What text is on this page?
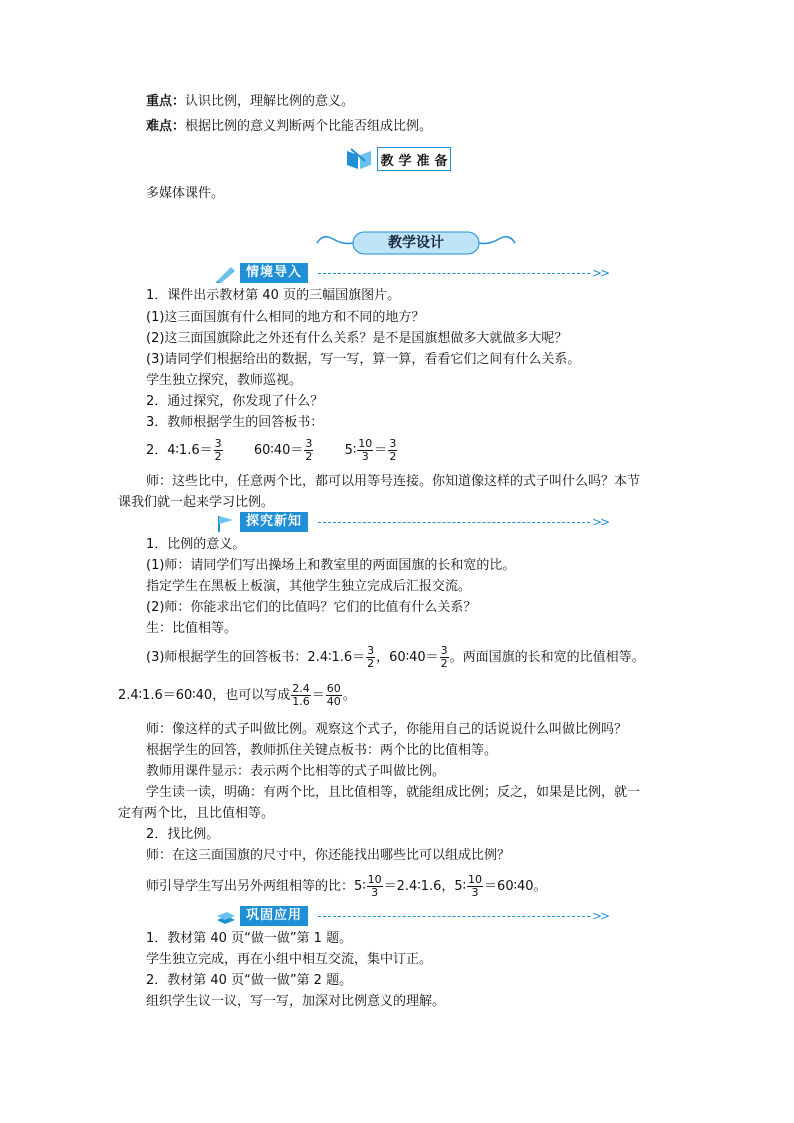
重点：认识比例，理解比例的意义。
难点：根据比例的意义判断两个比能否组成比例。
教 学 准 备
多媒体课件。
教学设计
情境导入	>>
1．课件出示教材第 40 页的三幅国旗图片。
(1)这三面国旗有什么相同的地方和不同的地方？
(2)这三面国旗除此之外还有什么关系？是不是国旗想做多大就做多大呢？
(3)请同学们根据给出的数据，写一写，算一算，看看它们之间有什么关系。
学生独立探究，教师巡视。
2．通过探究，你发现了什么？
3．教师根据学生的回答板书：
2．4∶1.6＝ $\frac{3}{2}$ 60∶40＝ $\frac{3}{2}$ 5∶ $\frac{10}{3} = \frac{3}{2}$
师：这些比中，任意两个比，都可以用等号连接。你知道像这样的式子叫什么吗？本节
课我们就一起来学习比例。
探究新知	>>
1．比例的意义。
(1)师：请同学们写出操场上和教室里的两面国旗的长和宽的比。
指定学生在黑板上板演，其他学生独立完成后汇报交流。
(2)师：你能求出它们的比值吗？它们的比值有什么关系？
生：比值相等。
(3)师根据学生的回答板书：2.4∶1.6＝ $\frac{3}{2}$ ，60∶40＝ $\frac{3}{2}$ 。两面国旗的长和宽的比值相等。
2.4∶1.6＝60∶40，也可以写成 $\frac{2.4}{1.6} = \frac{60}{40}$ 。
师：像这样的式子叫做比例。观察这个式子，你能用自己的话说说什么叫做比例吗？
根据学生的回答，教师抓住关键点板书：两个比的比值相等。
教师用课件显示：表示两个比相等的式子叫做比例。
学生读一读，明确：有两个比，且比值相等，就能组成比例；反之，如果是比例，就一
定有两个比，且比值相等。
2．找比例。
师：在这三面国旗的尺寸中，你还能找出哪些比可以组成比例？
师引导学生写出另外两组相等的比：5∶ $\frac{10}{3}$ ＝2.4∶1.6，5∶ $\frac{10}{3}$ ＝60∶40。
巩固应用	>>
1．教材第 40 页“做一做”第 1 题。
学生独立完成，再在小组中相互交流，集中订正。
2．教材第 40 页“做一做”第 2 题。
组织学生议一议，写一写，加深对比例意义的理解。
